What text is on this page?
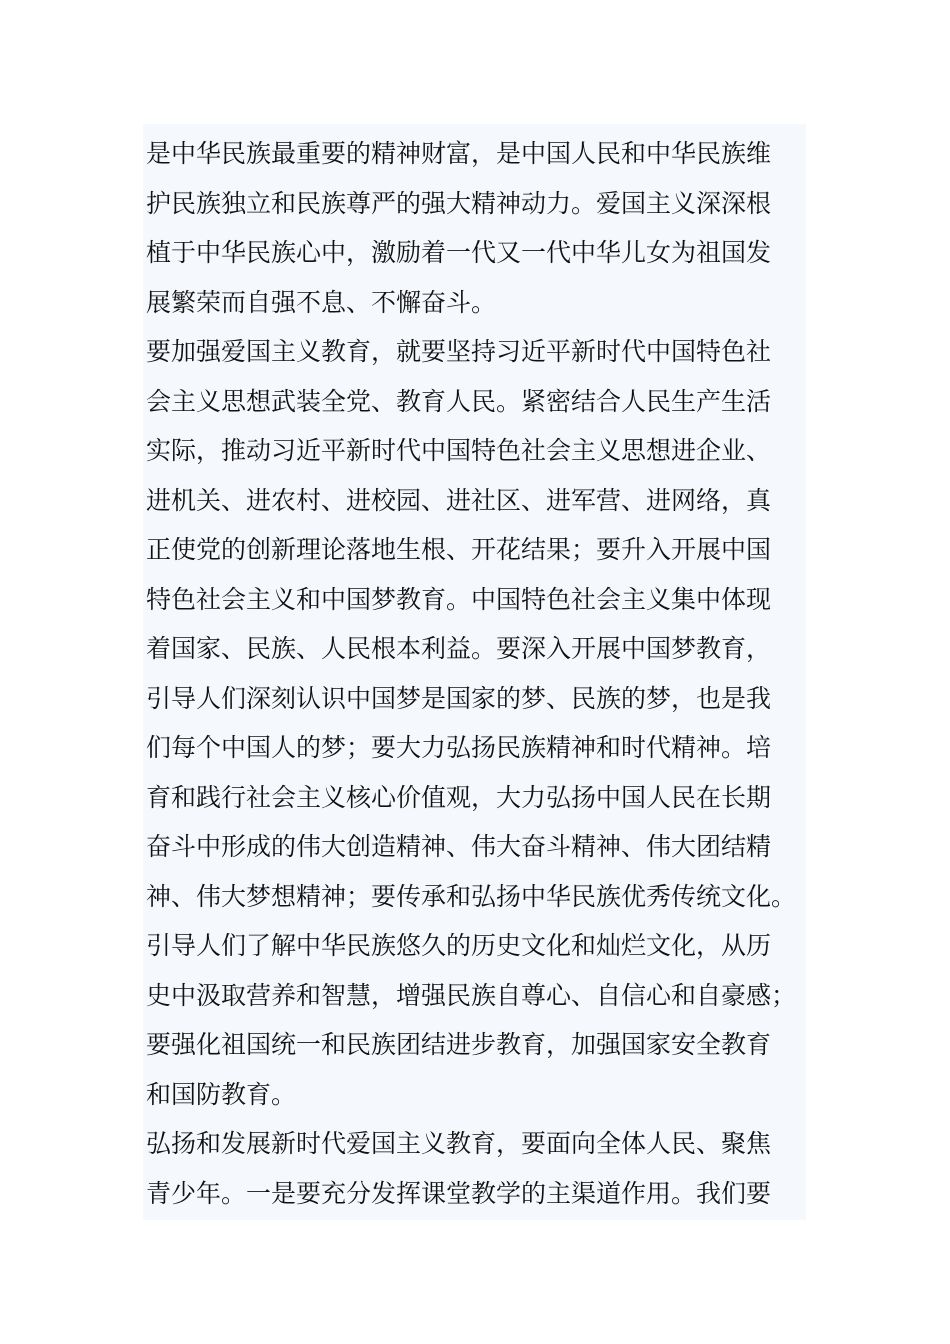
是中华民族最重要的精神财富，是中国人民和中华民族维
护民族独立和民族尊严的强大精神动力。爱国主义深深根
植于中华民族心中，激励着一代又一代中华儿女为祖国发
展繁荣而自强不息、不懈奋斗。
要加强爱国主义教育，就要坚持习近平新时代中国特色社
会主义思想武装全党、教育人民。紧密结合人民生产生活
实际，推动习近平新时代中国特色社会主义思想进企业、
进机关、进农村、进校园、进社区、进军营、进网络，真
正使党的创新理论落地生根、开花结果；要升入开展中国
特色社会主义和中国梦教育。中国特色社会主义集中体现
着国家、民族、人民根本利益。要深入开展中国梦教育，
引导人们深刻认识中国梦是国家的梦、民族的梦，也是我
们每个中国人的梦；要大力弘扬民族精神和时代精神。培
育和践行社会主义核心价值观，大力弘扬中国人民在长期
奋斗中形成的伟大创造精神、伟大奋斗精神、伟大团结精
神、伟大梦想精神；要传承和弘扬中华民族优秀传统文化。
引导人们了解中华民族悠久的历史文化和灿烂文化，从历
史中汲取营养和智慧，增强民族自尊心、自信心和自豪感；
要强化祖国统一和民族团结进步教育，加强国家安全教育
和国防教育。
弘扬和发展新时代爱国主义教育，要面向全体人民、聚焦
青少年。一是要充分发挥课堂教学的主渠道作用。我们要
